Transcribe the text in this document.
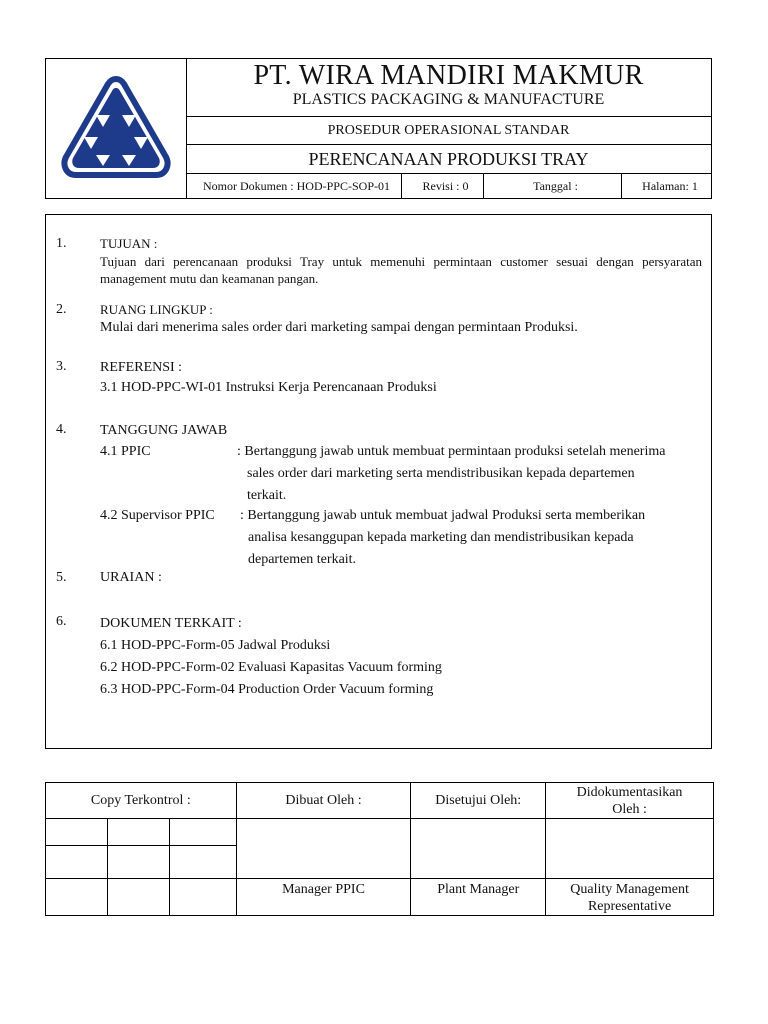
PT. WIRA MANDIRI MAKMUR
PLASTICS PACKAGING & MANUFACTURE
PROSEDUR OPERASIONAL STANDAR
PERENCANAAN PRODUKSI TRAY
Nomor Dokumen : HOD-PPC-SOP-01	Revisi : 0	Tanggal :	Halaman: 1
1.	TUJUAN :
Tujuan dari perencanaan produksi Tray untuk memenuhi permintaan customer sesuai dengan persyaratan management mutu dan keamanan pangan.
2.	RUANG LINGKUP :
Mulai dari menerima sales order dari marketing sampai dengan permintaan Produksi.
3.	REFERENSI :
3.1 HOD-PPC-WI-01 Instruksi Kerja Perencanaan Produksi
4.	TANGGUNG JAWAB
4.1 PPIC	: Bertanggung jawab untuk membuat permintaan produksi setelah menerima
sales order dari marketing serta mendistribusikan kepada departemen
terkait.
4.2 Supervisor PPIC : Bertanggung jawab untuk membuat jadwal Produksi serta memberikan
analisa kesanggupan kepada marketing dan mendistribusikan kepada
departemen terkait.
5.	URAIAN :
6.	DOKUMEN TERKAIT :
6.1 HOD-PPC-Form-05 Jadwal Produksi
6.2 HOD-PPC-Form-02 Evaluasi Kapasitas Vacuum forming
6.3 HOD-PPC-Form-04 Production Order Vacuum forming
Copy Terkontrol :			Dibuat Oleh :	Disetujui Oleh:	Didokumentasikan
Oleh :

			Manager PPIC	Plant Manager	Quality Management
Representative
